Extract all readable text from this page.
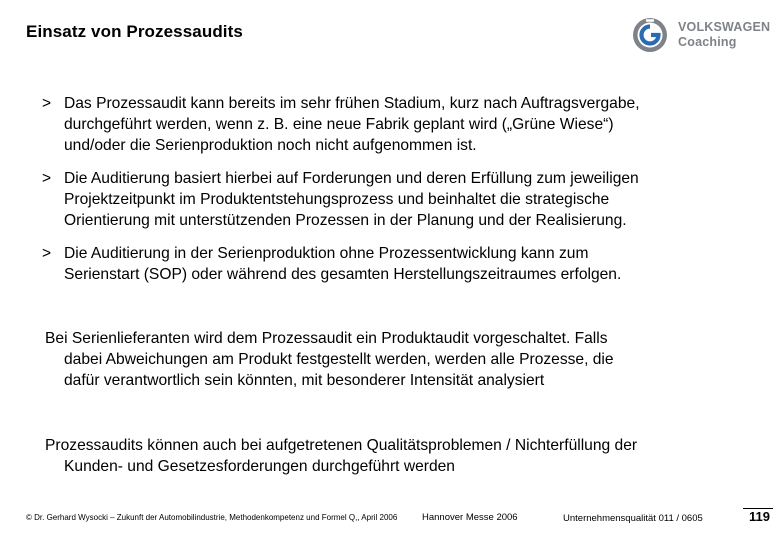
Einsatz von Prozessaudits	VOLKSWAGEN
Coaching
> Das Prozessaudit kann bereits im sehr frühen Stadium, kurz nach Auftragsvergabe,
durchgeführt werden, wenn z. B. eine neue Fabrik geplant wird („Grüne Wiese“)
und/oder die Serienproduktion noch nicht aufgenommen ist.
> Die Auditierung basiert hierbei auf Forderungen und deren Erfüllung zum jeweiligen
Projektzeitpunkt im Produktentstehungsprozess und beinhaltet die strategische
Orientierung mit unterstützenden Prozessen in der Planung und der Realisierung.
> Die Auditierung in der Serienproduktion ohne Prozessentwicklung kann zum
Serienstart (SOP) oder während des gesamten Herstellungszeitraumes erfolgen.
Bei Serienlieferanten wird dem Prozessaudit ein Produktaudit vorgeschaltet. Falls
dabei Abweichungen am Produkt festgestellt werden, werden alle Prozesse, die
dafür verantwortlich sein könnten, mit besonderer Intensität analysiert
Prozessaudits können auch bei aufgetretenen Qualitätsproblemen / Nichterfüllung der
Kunden- und Gesetzesforderungen durchgeführt werden
© Dr. Gerhard Wysocki – Zukunft der Automobilindustrie, Methodenkompetenz und Formel Q,, April 2006	Hannover Messe 2006	Unternehmensqualität 011 / 0605	119
